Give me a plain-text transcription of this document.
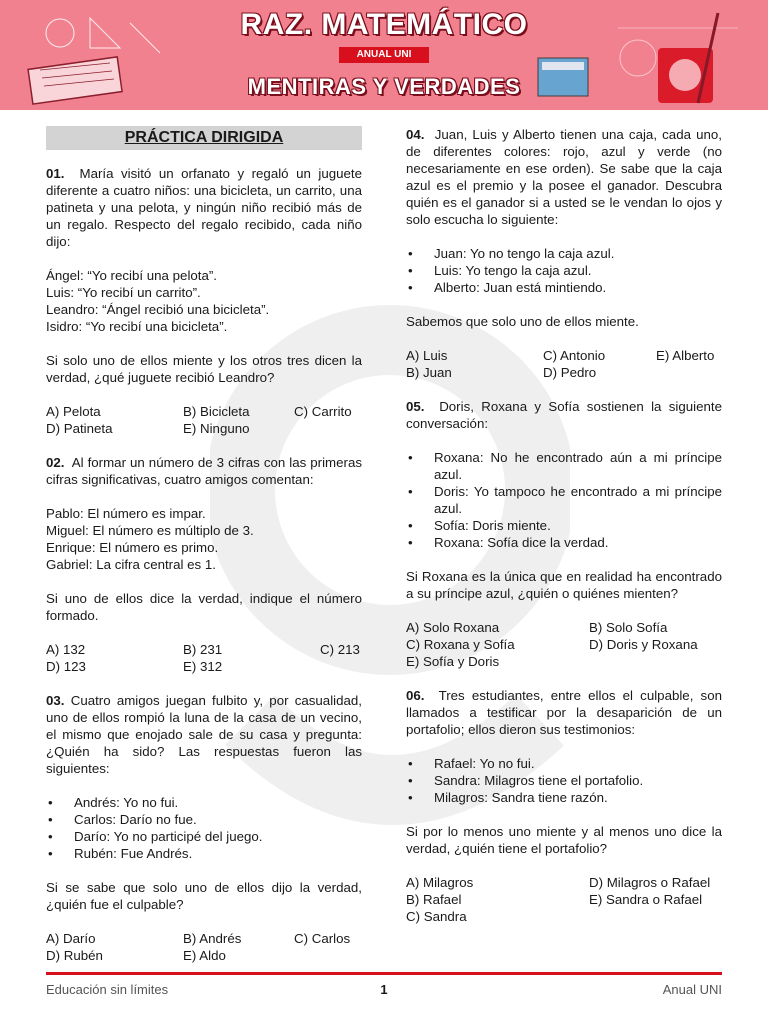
RAZ. MATEMÁTICO
ANUAL UNI
MENTIRAS Y VERDADES
PRÁCTICA DIRIGIDA

01. María visitó un orfanato y regaló un juguete diferente a cuatro niños: una bicicleta, un carrito, una patineta y una pelota, y ningún niño recibió más de un regalo. Respecto del regalo recibido, cada niño dijo:

Ángel: “Yo recibí una pelota”.
Luis: “Yo recibí un carrito”.
Leandro: “Ángel recibió una bicicleta”.
Isidro: “Yo recibí una bicicleta”.

Si solo uno de ellos miente y los otros tres dicen la verdad, ¿qué juguete recibió Leandro?

A) Pelota	B) Bicicleta	C) Carrito
D) Patineta	E) Ninguno

02. Al formar un número de 3 cifras con las primeras cifras significativas, cuatro amigos comentan:

Pablo: El número es impar.
Miguel: El número es múltiplo de 3.
Enrique: El número es primo.
Gabriel: La cifra central es 1.

Si uno de ellos dice la verdad, indique el número formado.

A) 132	B) 231	C) 213
D) 123	E) 312

03. Cuatro amigos juegan fulbito y, por casualidad, uno de ellos rompió la luna de la casa de un vecino, el mismo que enojado sale de su casa y pregunta: ¿Quién ha sido? Las respuestas fueron las siguientes:

• Andrés: Yo no fui.
• Carlos: Darío no fue.
• Darío: Yo no participé del juego.
• Rubén: Fue Andrés.

Si se sabe que solo uno de ellos dijo la verdad, ¿quién fue el culpable?

A) Darío	B) Andrés	C) Carlos
D) Rubén	E) Aldo

04. Juan, Luis y Alberto tienen una caja, cada uno, de diferentes colores: rojo, azul y verde (no necesariamente en ese orden). Se sabe que la caja azul es el premio y la posee el ganador. Descubra quién es el ganador si a usted se le vendan lo ojos y solo escucha lo siguiente:

• Juan: Yo no tengo la caja azul.
• Luis: Yo tengo la caja azul.
• Alberto: Juan está mintiendo.

Sabemos que solo uno de ellos miente.

A) Luis	C) Antonio	E) Alberto
B) Juan	D) Pedro

05. Doris, Roxana y Sofía sostienen la siguiente conversación:

• Roxana: No he encontrado aún a mi príncipe azul.
• Doris: Yo tampoco he encontrado a mi príncipe azul.
• Sofía: Doris miente.
• Roxana: Sofía dice la verdad.

Si Roxana es la única que en realidad ha encontrado a su príncipe azul, ¿quién o quiénes mienten?

A) Solo Roxana	B) Solo Sofía
C) Roxana y Sofía	D) Doris y Roxana
E) Sofía y Doris

06. Tres estudiantes, entre ellos el culpable, son llamados a testificar por la desaparición de un portafolio; ellos dieron sus testimonios:

• Rafael: Yo no fui.
• Sandra: Milagros tiene el portafolio.
• Milagros: Sandra tiene razón.

Si por lo menos uno miente y al menos uno dice la verdad, ¿quién tiene el portafolio?

A) Milagros	D) Milagros o Rafael
B) Rafael	E) Sandra o Rafael
C) Sandra
Educación sin límites	1	Anual UNI
